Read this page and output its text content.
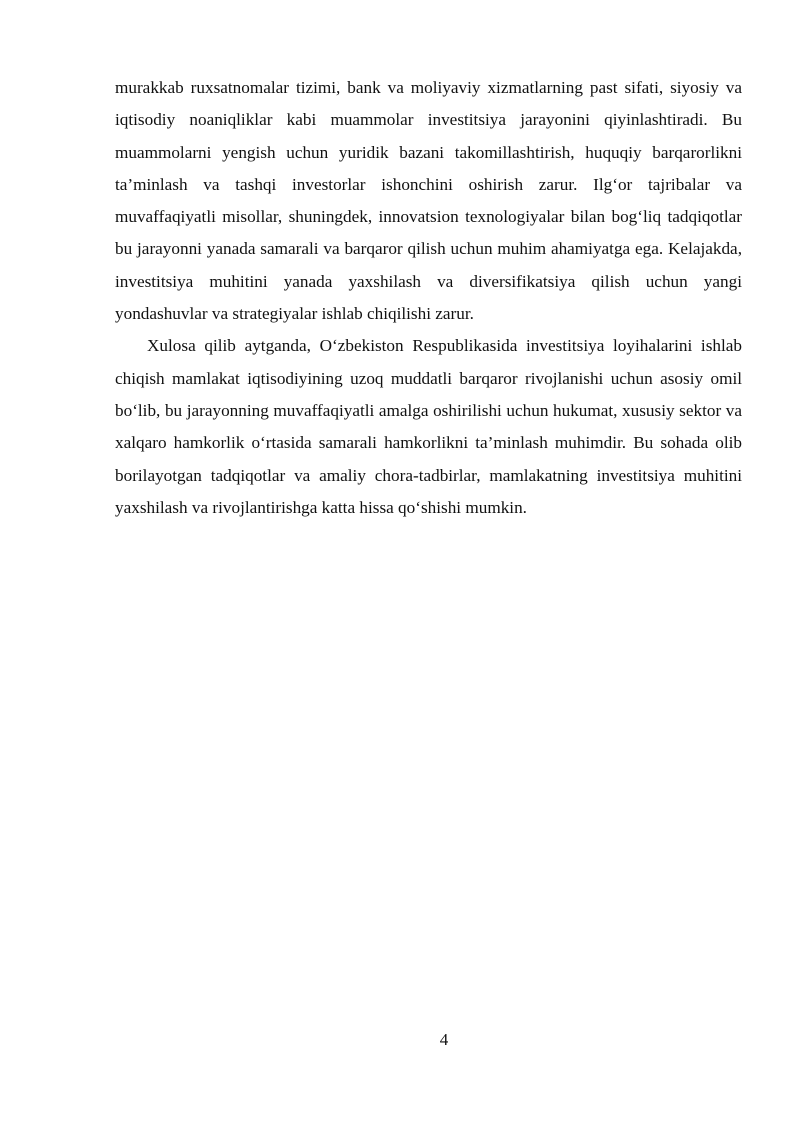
murakkab ruxsatnomalar tizimi, bank va moliyaviy xizmatlarning past sifati, siyosiy va iqtisodiy noaniqliklar kabi muammolar investitsiya jarayonini qiyinlashtiradi. Bu muammolarni yengish uchun yuridik bazani takomillashtirish, huquqiy barqarorlikni ta’minlash va tashqi investorlar ishonchini oshirish zarur. Ilg‘or tajribalar va muvaffaqiyatli misollar, shuningdek, innovatsion texnologiyalar bilan bog‘liq tadqiqotlar bu jarayonni yanada samarali va barqaror qilish uchun muhim ahamiyatga ega. Kelajakda, investitsiya muhitini yanada yaxshilash va diversifikatsiya qilish uchun yangi yondashuvlar va strategiyalar ishlab chiqilishi zarur.

Xulosa qilib aytganda, O‘zbekiston Respublikasida investitsiya loyihalarini ishlab chiqish mamlakat iqtisodiyining uzoq muddatli barqaror rivojlanishi uchun asosiy omil bo‘lib, bu jarayonning muvaffaqiyatli amalga oshirilishi uchun hukumat, xususiy sektor va xalqaro hamkorlik o‘rtasida samarali hamkorlikni ta’minlash muhimdir. Bu sohada olib borilayotgan tadqiqotlar va amaliy chora-tadbirlar, mamlakatning investitsiya muhitini yaxshilash va rivojlantirishga katta hissa qo‘shishi mumkin.

4
